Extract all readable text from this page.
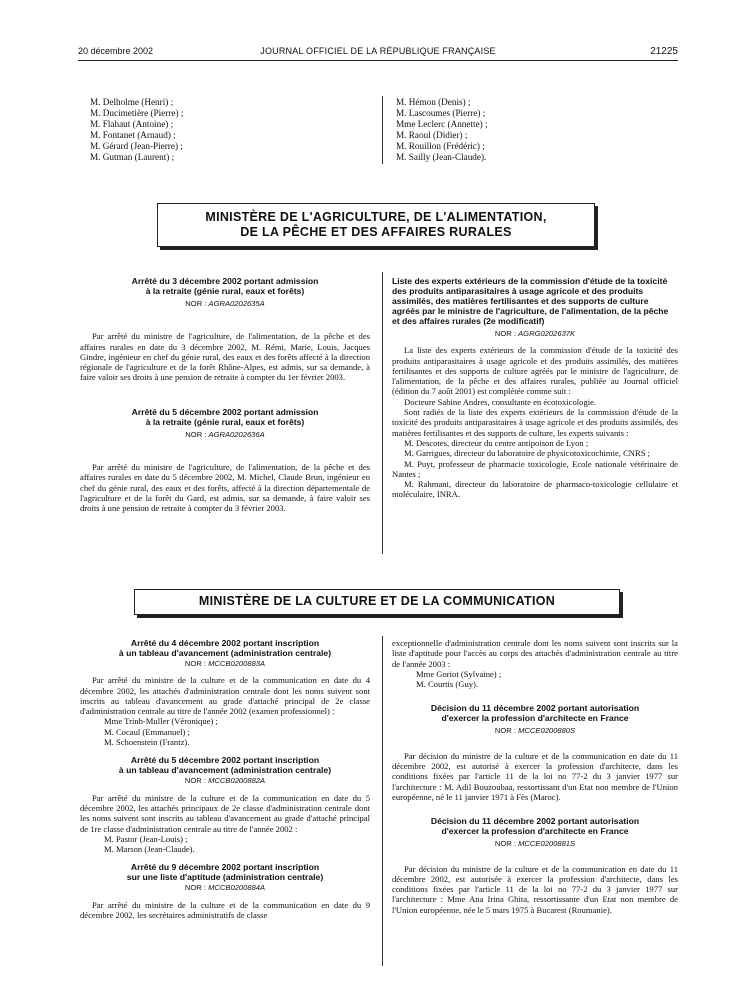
20 décembre 2002	JOURNAL OFFICIEL DE LA RÉPUBLIQUE FRANÇAISE	21225
M. Delholme (Henri) ;
M. Ducimetière (Pierre) ;
M. Flahaut (Antoine) ;
M. Fontanet (Arnaud) ;
M. Gérard (Jean-Pierre) ;
M. Gutman (Laurent) ;
M. Hémon (Denis) ;
M. Lascoumes (Pierre) ;
Mme Leclerc (Annette) ;
M. Raoul (Didier) ;
M. Rouillon (Frédéric) ;
M. Sailly (Jean-Claude).
MINISTÈRE DE L'AGRICULTURE, DE L'ALIMENTATION,
DE LA PÊCHE ET DES AFFAIRES RURALES
Arrêté du 3 décembre 2002 portant admission
à la retraite (génie rural, eaux et forêts)
NOR : AGRA0202635A

Par arrêté du ministre de l'agriculture, de l'alimentation, de la pêche et des affaires rurales en date du 3 décembre 2002, M. Rémi, Marie, Louis, Jacques Gindre, ingénieur en chef du génie rural, des eaux et des forêts affecté à la direction régionale de l'agriculture et de la forêt Rhône-Alpes, est admis, sur sa demande, à faire valoir ses droits à une pension de retraite à compter du 1er février 2003.

Arrêté du 5 décembre 2002 portant admission
à la retraite (génie rural, eaux et forêts)
NOR : AGRA0202636A

Par arrêté du ministre de l'agriculture, de l'alimentation, de la pêche et des affaires rurales en date du 5 décembre 2002, M. Michel, Claude Brun, ingénieur en chef du génie rural, des eaux et des forêts, affecté à la direction départementale de l'agriculture et de la forêt du Gard, est admis, sur sa demande, à faire valoir ses droits à une pension de retraite à compter du 3 février 2003.

Liste des experts extérieurs de la commission d'étude de la toxicité des produits antiparasitaires à usage agricole et des produits assimilés, des matières fertilisantes et des supports de culture agréés par le ministre de l'agriculture, de l'alimentation, de la pêche et des affaires rurales (2e modificatif)
NOR : AGRG0202637K

La liste des experts extérieurs de la commission d'étude de la toxicité des produits antiparasitaires à usage agricole et des produits assimilés, des matières fertilisantes et des supports de culture agréés par le ministre de l'agriculture, de l'alimentation, de la pêche et des affaires rurales, publiée au Journal officiel (édition du 7 août 2001) est complétée comme suit :

Docteure Sabine Andres, consultante en écotoxicologie.

Sont radiés de la liste des experts extérieurs de la commission d'étude de la toxicité des produits antiparasitaires à usage agricole et des produits assimilés, des matières fertilisantes et des supports de culture, les experts suivants :

M. Descotes, directeur du centre antipoison de Lyon ;

M. Garrigues, directeur du laboratoire de physicotoxicochimie, CNRS ;

M. Puyt, professeur de pharmacie toxicologie, Ecole nationale vétérinaire de Nantes ;

M. Rahmani, directeur du laboratoire de pharmaco-toxicologie cellulaire et moléculaire, INRA.

MINISTÈRE DE LA CULTURE ET DE LA COMMUNICATION
Arrêté du 4 décembre 2002 portant inscription
à un tableau d'avancement (administration centrale)
NOR : MCCB0200883A

Par arrêté du ministre de la culture et de la communication en date du 4 décembre 2002, les attachés d'administration centrale dont les noms suivent sont inscrits au tableau d'avancement au grade d'attaché principal de 2e classe d'administration centrale au titre de l'année 2002 (examen professionnel) :

Mme Trinh-Muller (Véronique) ;

M. Cocaul (Emmanuel) ;

M. Schoenstein (Frantz).

Arrêté du 5 décembre 2002 portant inscription
à un tableau d'avancement (administration centrale)
NOR : MCCB0200882A

Par arrêté du ministre de la culture et de la communication en date du 5 décembre 2002, les attachés principaux de 2e classe d'administration centrale dont les noms suivent sont inscrits au tableau d'avancement au grade d'attaché principal de 1re classe d'administration centrale au titre de l'année 2002 :

M. Pastor (Jean-Louis) ;

M. Marson (Jean-Claude).

Arrêté du 9 décembre 2002 portant inscription
sur une liste d'aptitude (administration centrale)
NOR : MCCB0200884A

Par arrêté du ministre de la culture et de la communication en date du 9 décembre 2002, les secrétaires administratifs de classe

exceptionnelle d'administration centrale dont les noms suivent sont inscrits sur la liste d'aptitude pour l'accès au corps des attachés d'administration centrale au titre de l'année 2003 :

Mme Goriot (Sylvaine) ;

M. Courtis (Guy).

Décision du 11 décembre 2002 portant autorisation
d'exercer la profession d'architecte en France
NOR : MCCE0200880S

Par décision du ministre de la culture et de la communication en date du 11 décembre 2002, est autorisé à exercer la profession d'architecte, dans les conditions fixées par l'article 11 de la loi no 77-2 du 3 janvier 1977 sur l'architecture : M. Adil Bouzoubaa, ressortissant d'un Etat non membre de l'Union européenne, né le 11 janvier 1971 à Fès (Maroc).

Décision du 11 décembre 2002 portant autorisation
d'exercer la profession d'architecte en France
NOR : MCCE0200881S

Par décision du ministre de la culture et de la communication en date du 11 décembre 2002, est autorisée à exercer la profession d'architecte, dans les conditions fixées par l'article 11 de la loi no 77-2 du 3 janvier 1977 sur l'architecture : Mme Ana Irina Ghita, ressortissante d'un Etat non membre de l'Union européenne, née le 5 mars 1975 à Bucarest (Roumanie).
